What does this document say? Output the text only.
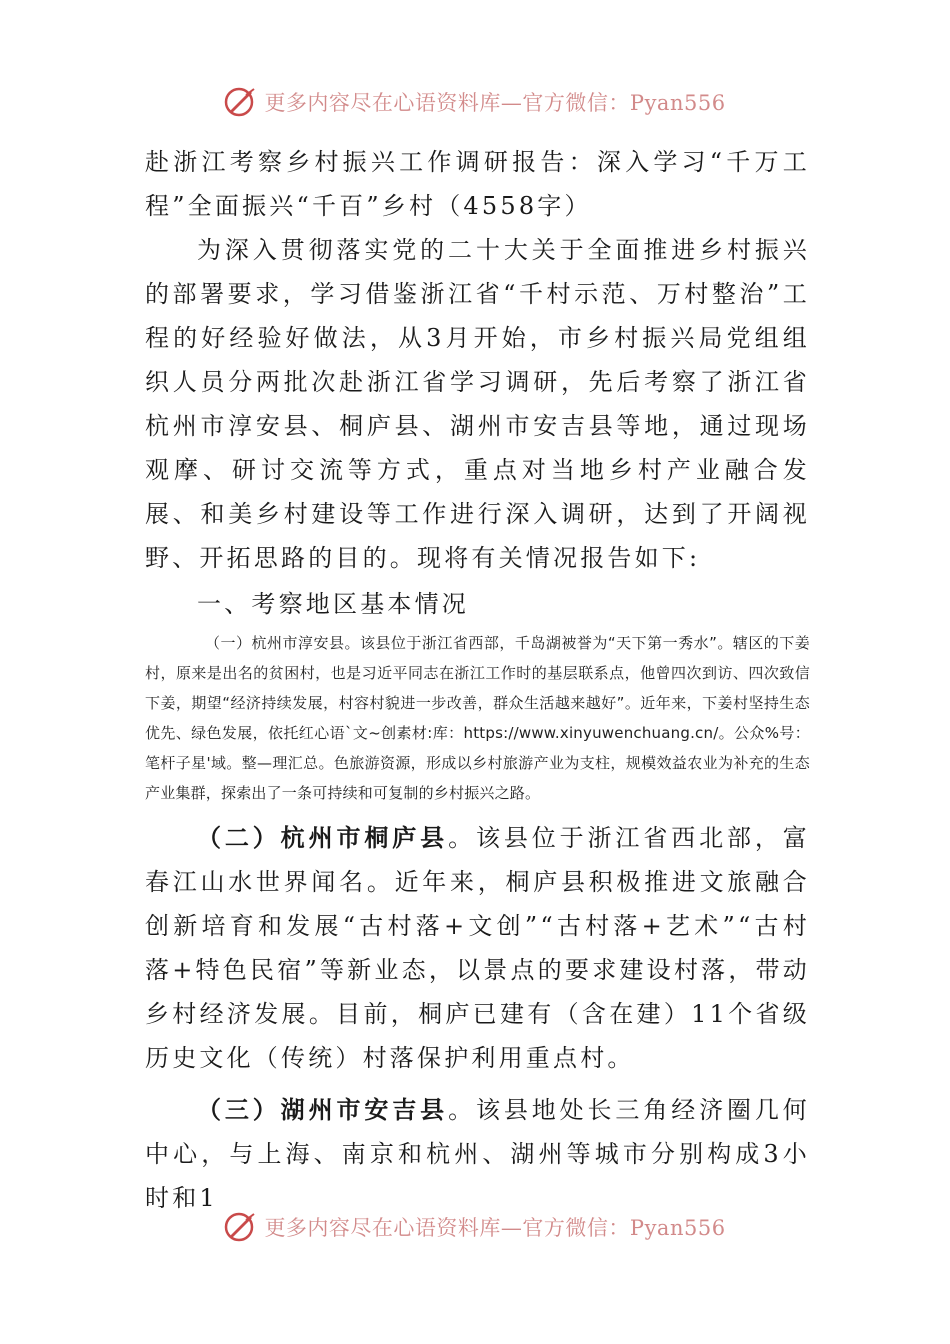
更多内容尽在心语资料库—官方微信：Pyan556

赴浙江考察乡村振兴工作调研报告：深入学习“千万工程”全面振兴“千百”乡村（4558字）

为深入贯彻落实党的二十大关于全面推进乡村振兴的部署要求，学习借鉴浙江省“千村示范、万村整治”工程的好经验好做法，从3月开始，市乡村振兴局党组组织人员分两批次赴浙江省学习调研，先后考察了浙江省杭州市淳安县、桐庐县、湖州市安吉县等地，通过现场观摩、研讨交流等方式，重点对当地乡村产业融合发展、和美乡村建设等工作进行深入调研，达到了开阔视野、开拓思路的目的。现将有关情况报告如下:

一、考察地区基本情况

（一）杭州市淳安县。该县位于浙江省西部，千岛湖被誉为“天下第一秀水”。辖区的下姜村，原来是出名的贫困村，也是习近平同志在浙江工作时的基层联系点，他曾四次到访、四次致信下姜，期望“经济持续发展，村容村貌进一步改善，群众生活越来越好”。近年来，下姜村坚持生态优先、绿色发展，依托红心语`文~创素材:库：https://www.xinyuwenchuang.cn/。公众%号：笔杆子星'域。整—理汇总。色旅游资源，形成以乡村旅游产业为支柱，规模效益农业为补充的生态产业集群，探索出了一条可持续和可复制的乡村振兴之路。

（二）杭州市桐庐县。该县位于浙江省西北部，富春江山水世界闻名。近年来，桐庐县积极推进文旅融合创新培育和发展“古村落+文创”“古村落+艺术”“古村落+特色民宿”等新业态，以景点的要求建设村落，带动乡村经济发展。目前，桐庐已建有（含在建）11个省级历史文化（传统）村落保护利用重点村。

（三）湖州市安吉县。该县地处长三角经济圈几何中心，与上海、南京和杭州、湖州等城市分别构成3小时和1

更多内容尽在心语资料库—官方微信：Pyan556
